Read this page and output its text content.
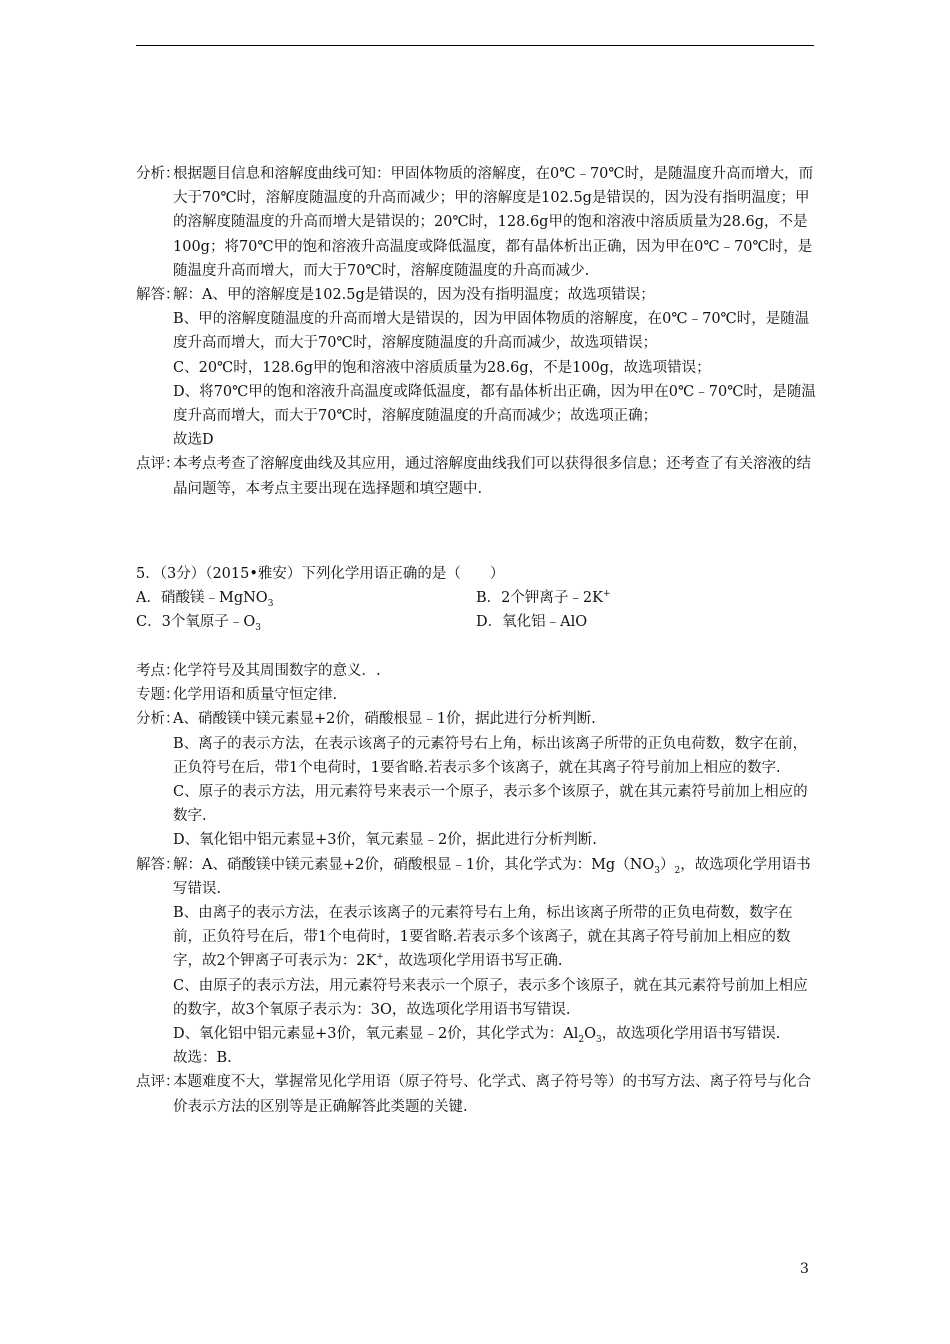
分析：
根据题目信息和溶解度曲线可知：甲固体物质的溶解度，在0℃﹣70℃时，是随温度升高而增大，而大于70℃时，溶解度随温度的升高而减少；甲的溶解度是102.5g是错误的，因为没有指明温度；甲的溶解度随温度的升高而增大是错误的；20℃时，128.6g甲的饱和溶液中溶质质量为28.6g，不是100g；将70℃甲的饱和溶液升高温度或降低温度，都有晶体析出正确，因为甲在0℃﹣70℃时，是随温度升高而增大，而大于70℃时，溶解度随温度的升高而减少.
解答：
解：A、甲的溶解度是102.5g是错误的，因为没有指明温度；故选项错误；
B、甲的溶解度随温度的升高而增大是错误的，因为甲固体物质的溶解度，在0℃﹣70℃时，是随温度升高而增大，而大于70℃时，溶解度随温度的升高而减少，故选项错误；
C、20℃时，128.6g甲的饱和溶液中溶质质量为28.6g，不是100g，故选项错误；
D、将70℃甲的饱和溶液升高温度或降低温度，都有晶体析出正确，因为甲在0℃﹣70℃时，是随温度升高而增大，而大于70℃时，溶解度随温度的升高而减少；故选项正确；
故选D
点评：
本考点考查了溶解度曲线及其应用，通过溶解度曲线我们可以获得很多信息；还考查了有关溶液的结晶问题等，本考点主要出现在选择题和填空题中.
5．（3分）（2015•雅安）下列化学用语正确的是（　　）
A．硝酸镁﹣MgNO$_3$	B．2个钾离子﹣2K+
C．3个氧原子$﹣O_3$	D．氧化铝﹣AlO
考点：
化学符号及其周围数字的意义．.
专题：
化学用语和质量守恒定律.
分析：
A、硝酸镁中镁元素显+2价，硝酸根显﹣1价，据此进行分析判断.
B、离子的表示方法，在表示该离子的元素符号右上角，标出该离子所带的正负电荷数，数字在前，正负符号在后，带1个电荷时，1要省略.若表示多个该离子，就在其离子符号前加上相应的数字.
C、原子的表示方法，用元素符号来表示一个原子，表示多个该原子，就在其元素符号前加上相应的数字.
D、氧化铝中铝元素显+3价，氧元素显﹣2价，据此进行分析判断.
解答：
解：A、硝酸镁中镁元素显+2价，硝酸根显﹣1价，其化学式为：$Mg(NO_3)_2$，故选项化学用语书写错误.
B、由离子的表示方法，在表示该离子的元素符号右上角，标出该离子所带的正负电荷数，数字在前，正负符号在后，带1个电荷时，1要省略.若表示多个该离子，就在其离子符号前加上相应的数字，故2个钾离子可表示为：2K+，故选项化学用语书写正确.
C、由原子的表示方法，用元素符号来表示一个原子，表示多个该原子，就在其元素符号前加上相应的数字，故3个氧原子表示为：3O，故选项化学用语书写错误.
D、氧化铝中铝元素显+3价，氧元素显﹣2价，其化学式为：$Al_2O_3$，故选项化学用语书写错误.
故选：B.
点评：
本题难度不大，掌握常见化学用语（原子符号、化学式、离子符号等）的书写方法、离子符号与化合价表示方法的区别等是正确解答此类题的关键.
3
